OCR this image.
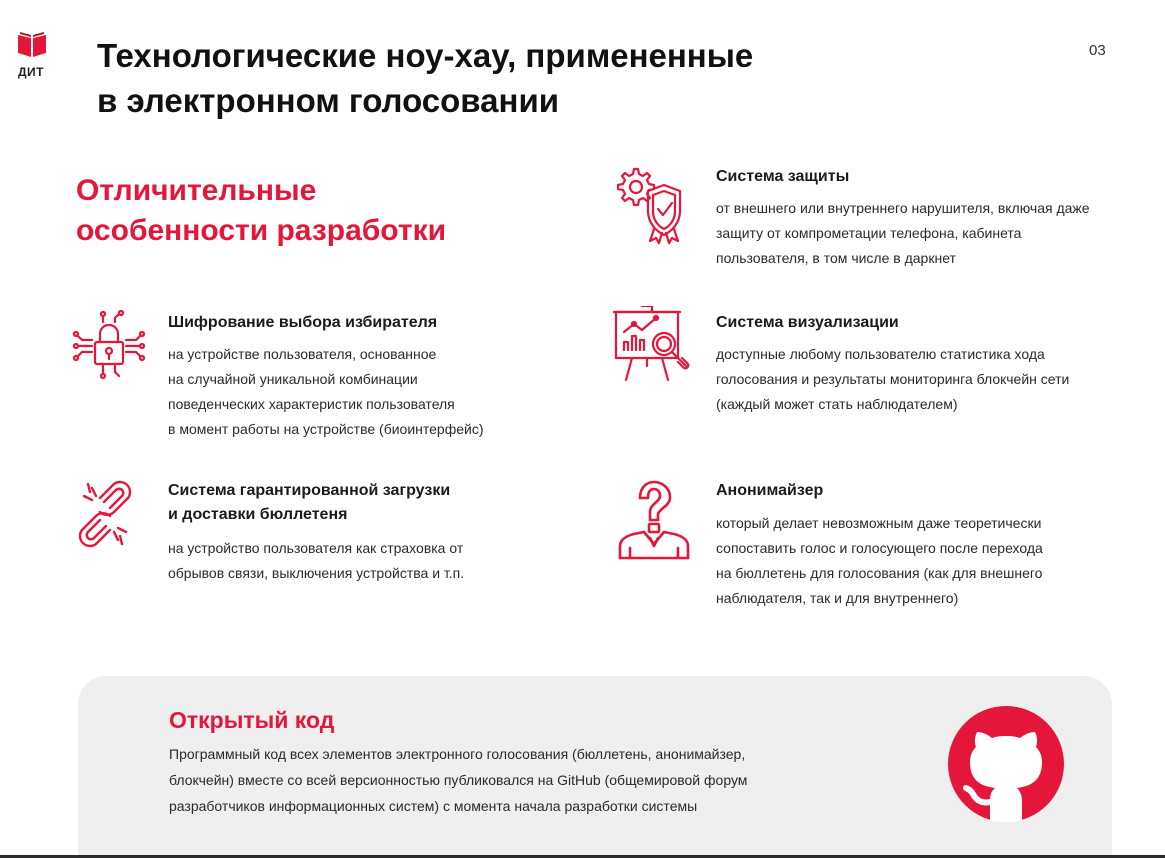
ДИТ Технологические ноу-хау, примененные
в электронном голосовании
03
Отличительные
особенности разработки
Шифрование выбора избирателя
на устройстве пользователя, основанное
на случайной уникальной комбинации
поведенческих характеристик пользователя
в момент работы на устройстве (биоинтерфейс)
Система гарантированной загрузки
и доставки бюллетеня
на устройство пользователя как страховка от
обрывов связи, выключения устройства и т.п.
Система защиты
от внешнего или внутреннего нарушителя, включая даже
защиту от компрометации телефона, кабинета
пользователя, в том числе в даркнет
Система визуализации
доступные любому пользователю статистика хода
голосования и результаты мониторинга блокчейн сети
(каждый может стать наблюдателем)
Анонимайзер
который делает невозможным даже теоретически
сопоставить голос и голосующего после перехода
на бюллетень для голосования (как для внешнего
наблюдателя, так и для внутреннего)
Открытый код
Программный код всех элементов электронного голосования (бюллетень, анонимайзер,
блокчейн) вместе со всей версионностью публиковался на GitHub (общемировой форум
разработчиков информационных систем) с момента начала разработки системы
